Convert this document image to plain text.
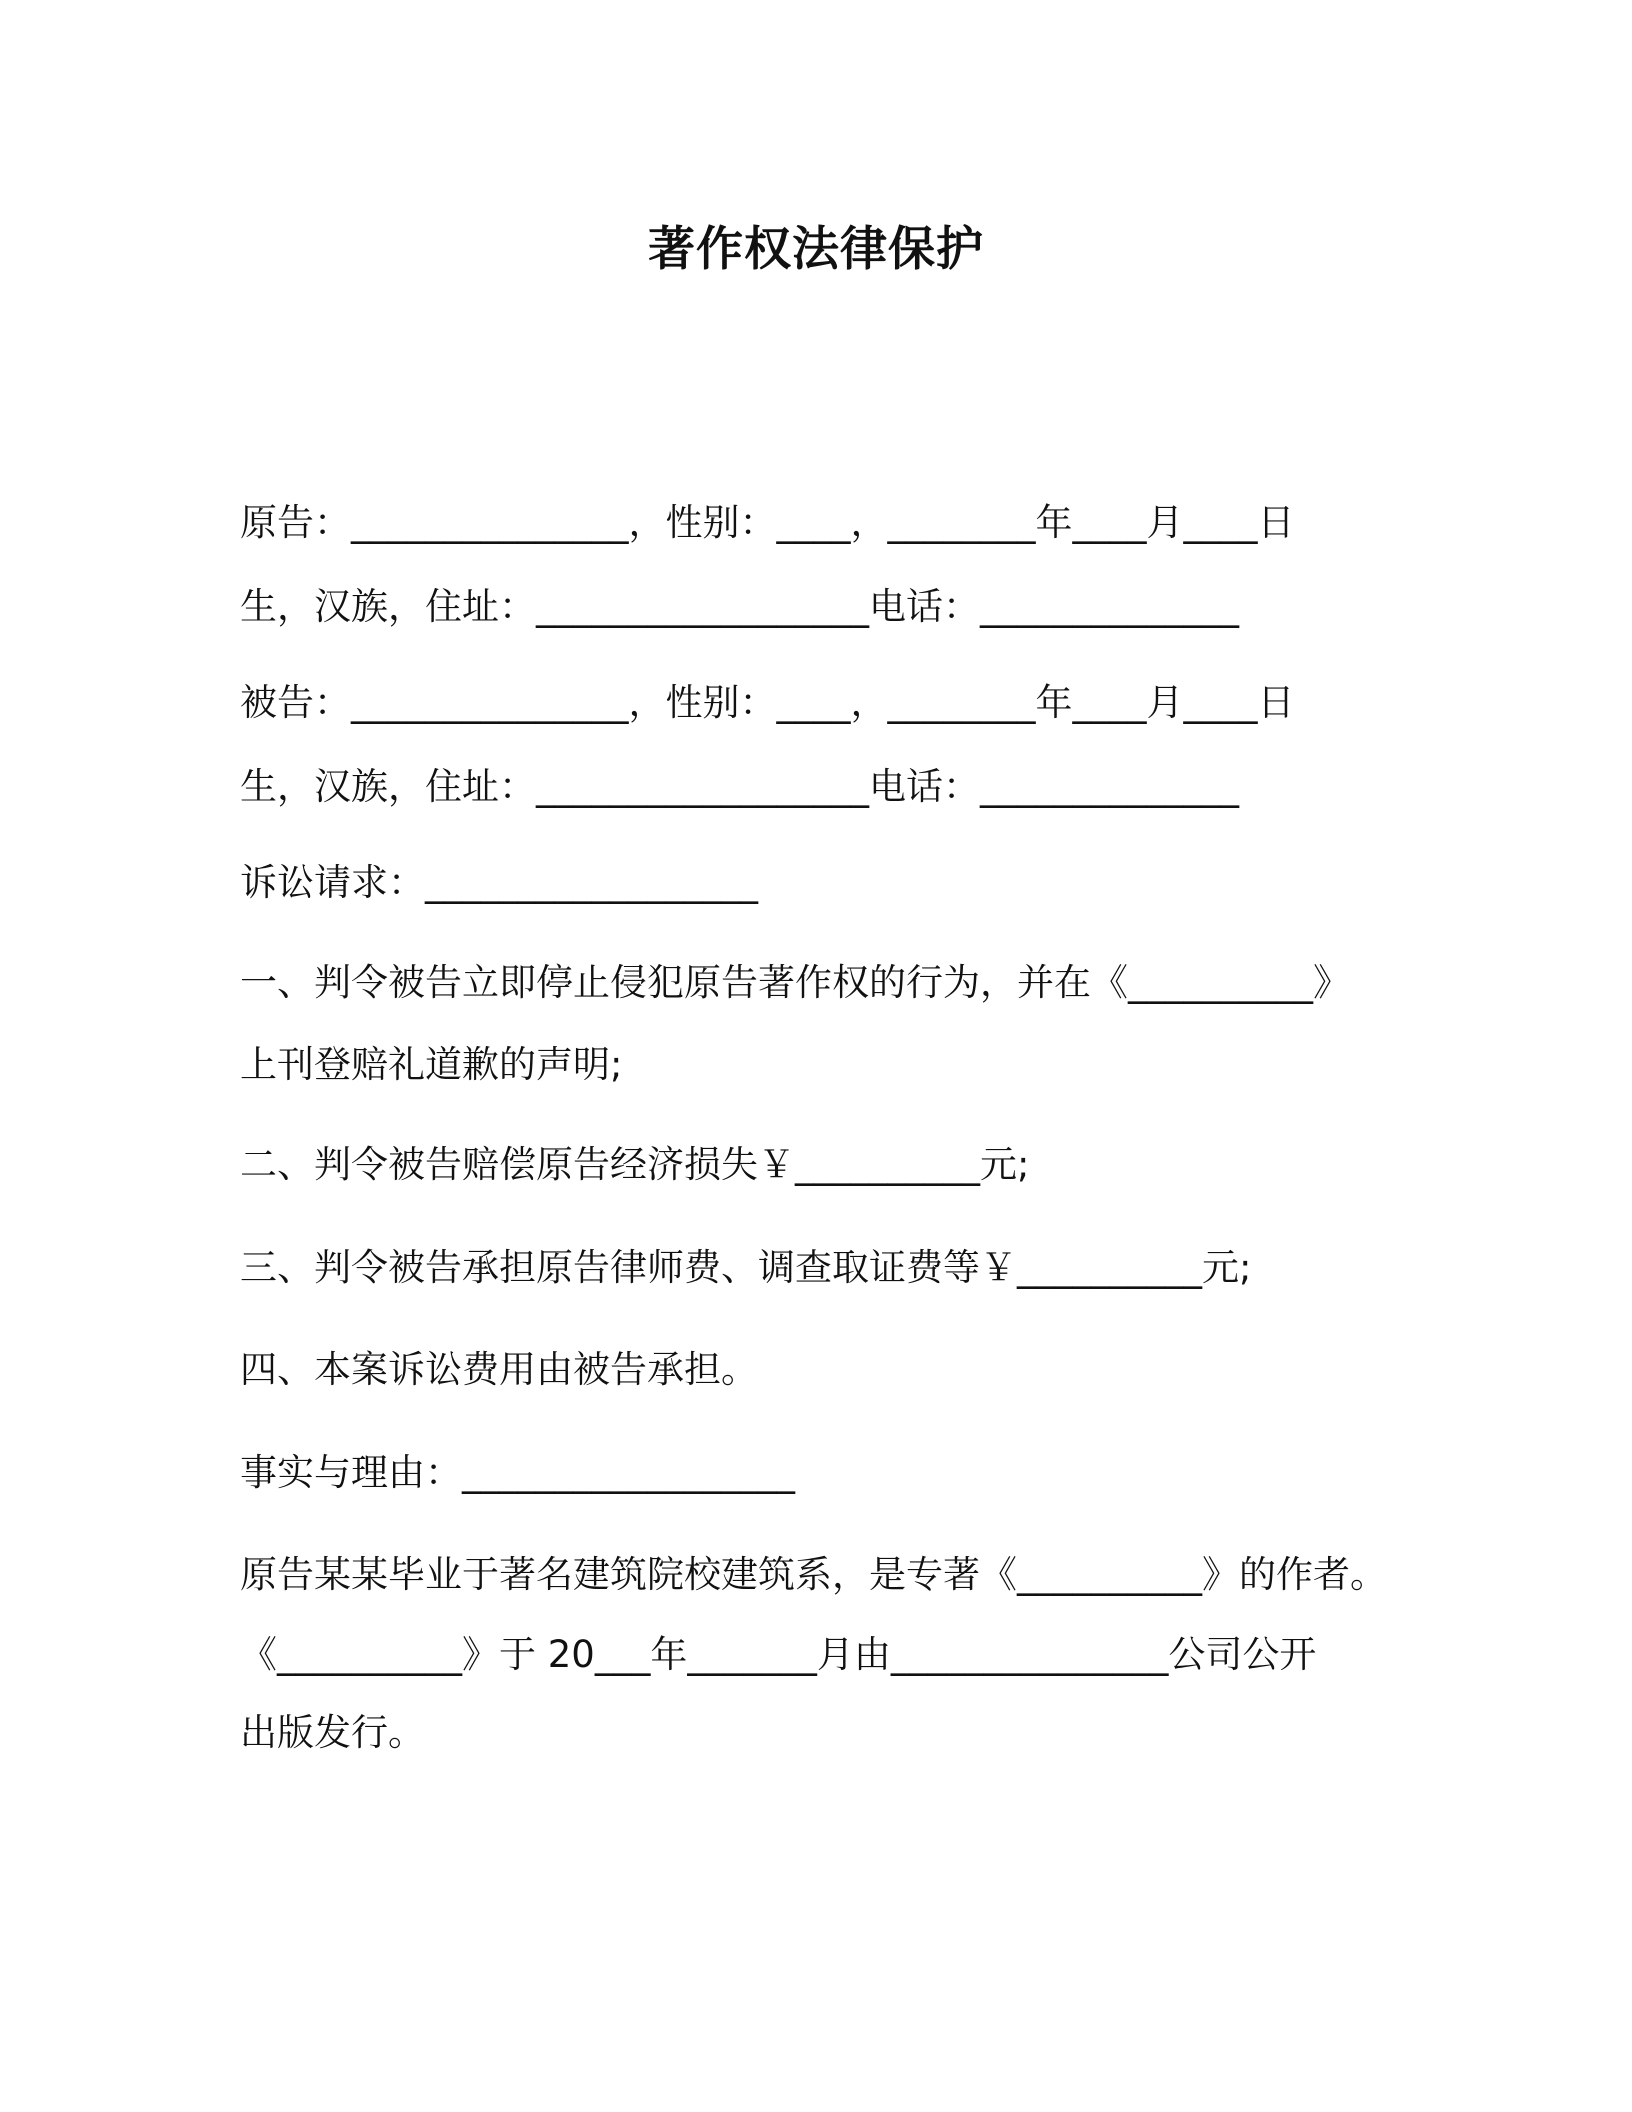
著作权法律保护
原告：_______________，性别：____，________年____月____日
生，汉族，住址：__________________电话：______________
被告：_______________，性别：____，________年____月____日
生，汉族，住址：__________________电话：______________
诉讼请求：__________________
一、判令被告立即停止侵犯原告著作权的行为，并在《__________》
上刊登赔礼道歉的声明;
二、判令被告赔偿原告经济损失￥__________元;
三、判令被告承担原告律师费、调查取证费等￥__________元;
四、本案诉讼费用由被告承担。
事实与理由：__________________
原告某某毕业于著名建筑院校建筑系，是专著《__________》的作者。
《__________》于 20___年_______月由_______________公司公开
出版发行。
